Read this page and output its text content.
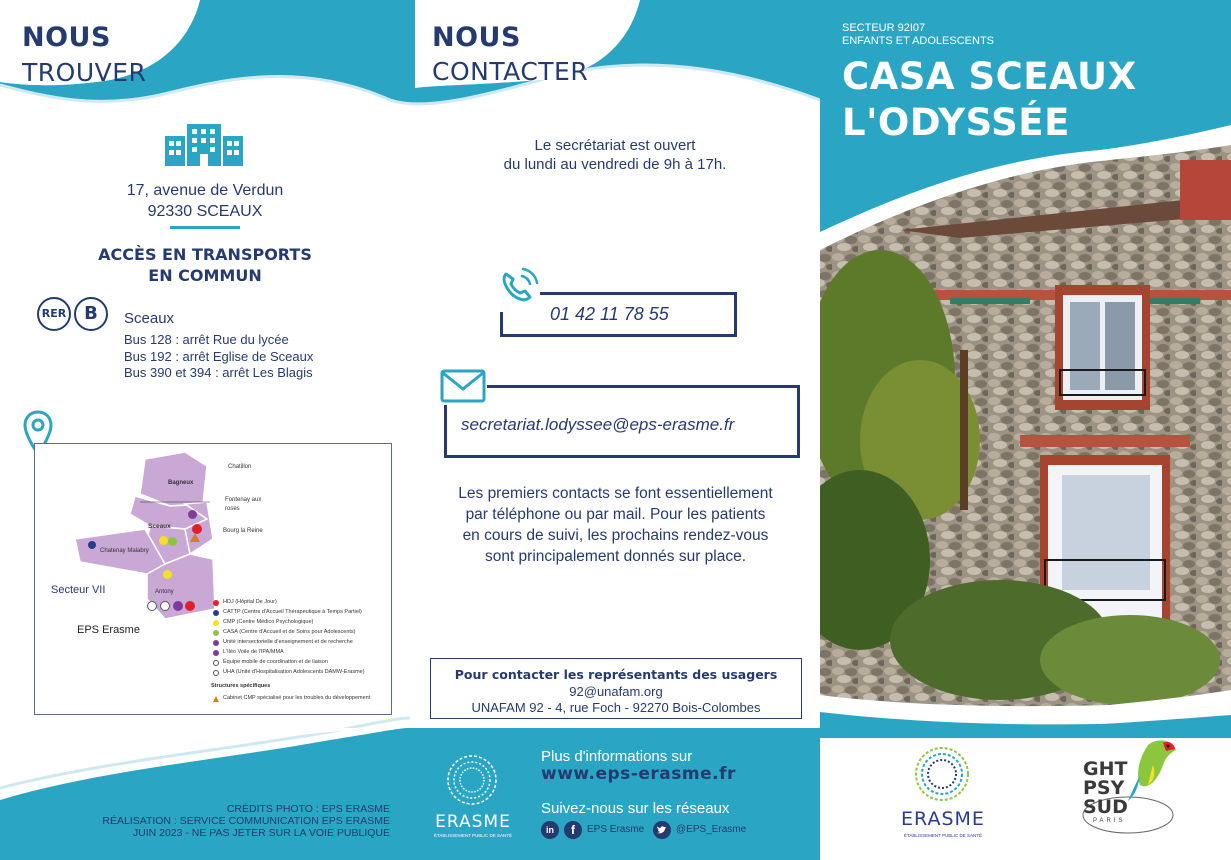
NOUS
TROUVER
17, avenue de Verdun
92330 SCEAUX
ACCÈS EN TRANSPORTS
EN COMMUN
RER B	Sceaux
Bus 128 : arrêt Rue du lycée
Bus 192 : arrêt Eglise de Sceaux
Bus 390 et 394 : arrêt Les Blagis
Chatillon
Bagneux
Fontenay aux roses
Sceaux
Bourg la Reine
Chatenay Malabry
Antony
Secteur VII
EPS Erasme
HDJ (Hôpital De Jour)
CATTP (Centre d'Accueil Thérapeutique à Temps Partiel)
CMP (Centre Médico Psychologique)
CASA (Centre d'Accueil et de Soins pour Adolescents)
Unité intersectorielle d'enseignement et de recherche
L'Iléo Voile de l'IPA/MMA
Équipe mobile de coordination et de liaison
UHA (Unité d'Hospitalisation Adolescents DAMW-Erasme)
Structures spécifiques
Cabinet CMP spécialisé pour les troubles du développement
NOUS
CONTACTER
Le secrétariat est ouvert
du lundi au vendredi de 9h à 17h.
01 42 11 78 55
secretariat.lodyssee@eps-erasme.fr
Les premiers contacts se font essentiellement
par téléphone ou par mail. Pour les patients
en cours de suivi, les prochains rendez-vous
sont principalement donnés sur place.
Pour contacter les représentants des usagers
92@unafam.org
UNAFAM 92 - 4, rue Foch - 92270 Bois-Colombes
CRÉDITS PHOTO : EPS ERASME
RÉALISATION : SERVICE COMMUNICATION EPS ERASME
JUIN 2023 - NE PAS JETER SUR LA VOIE PUBLIQUE
ERASME
ÉTABLISSEMENT PUBLIC DE SANTÉ
Plus d'informations sur
www.eps-erasme.fr
Suivez-nous sur les réseaux
in	f	EPS Erasme	@EPS_Erasme
SECTEUR 92I07
ENFANTS ET ADOLESCENTS
CASA SCEAUX
L'ODYSSÉE
ERASME
ÉTABLISSEMENT PUBLIC DE SANTÉ
GHT
PSY
SUD
PARIS
